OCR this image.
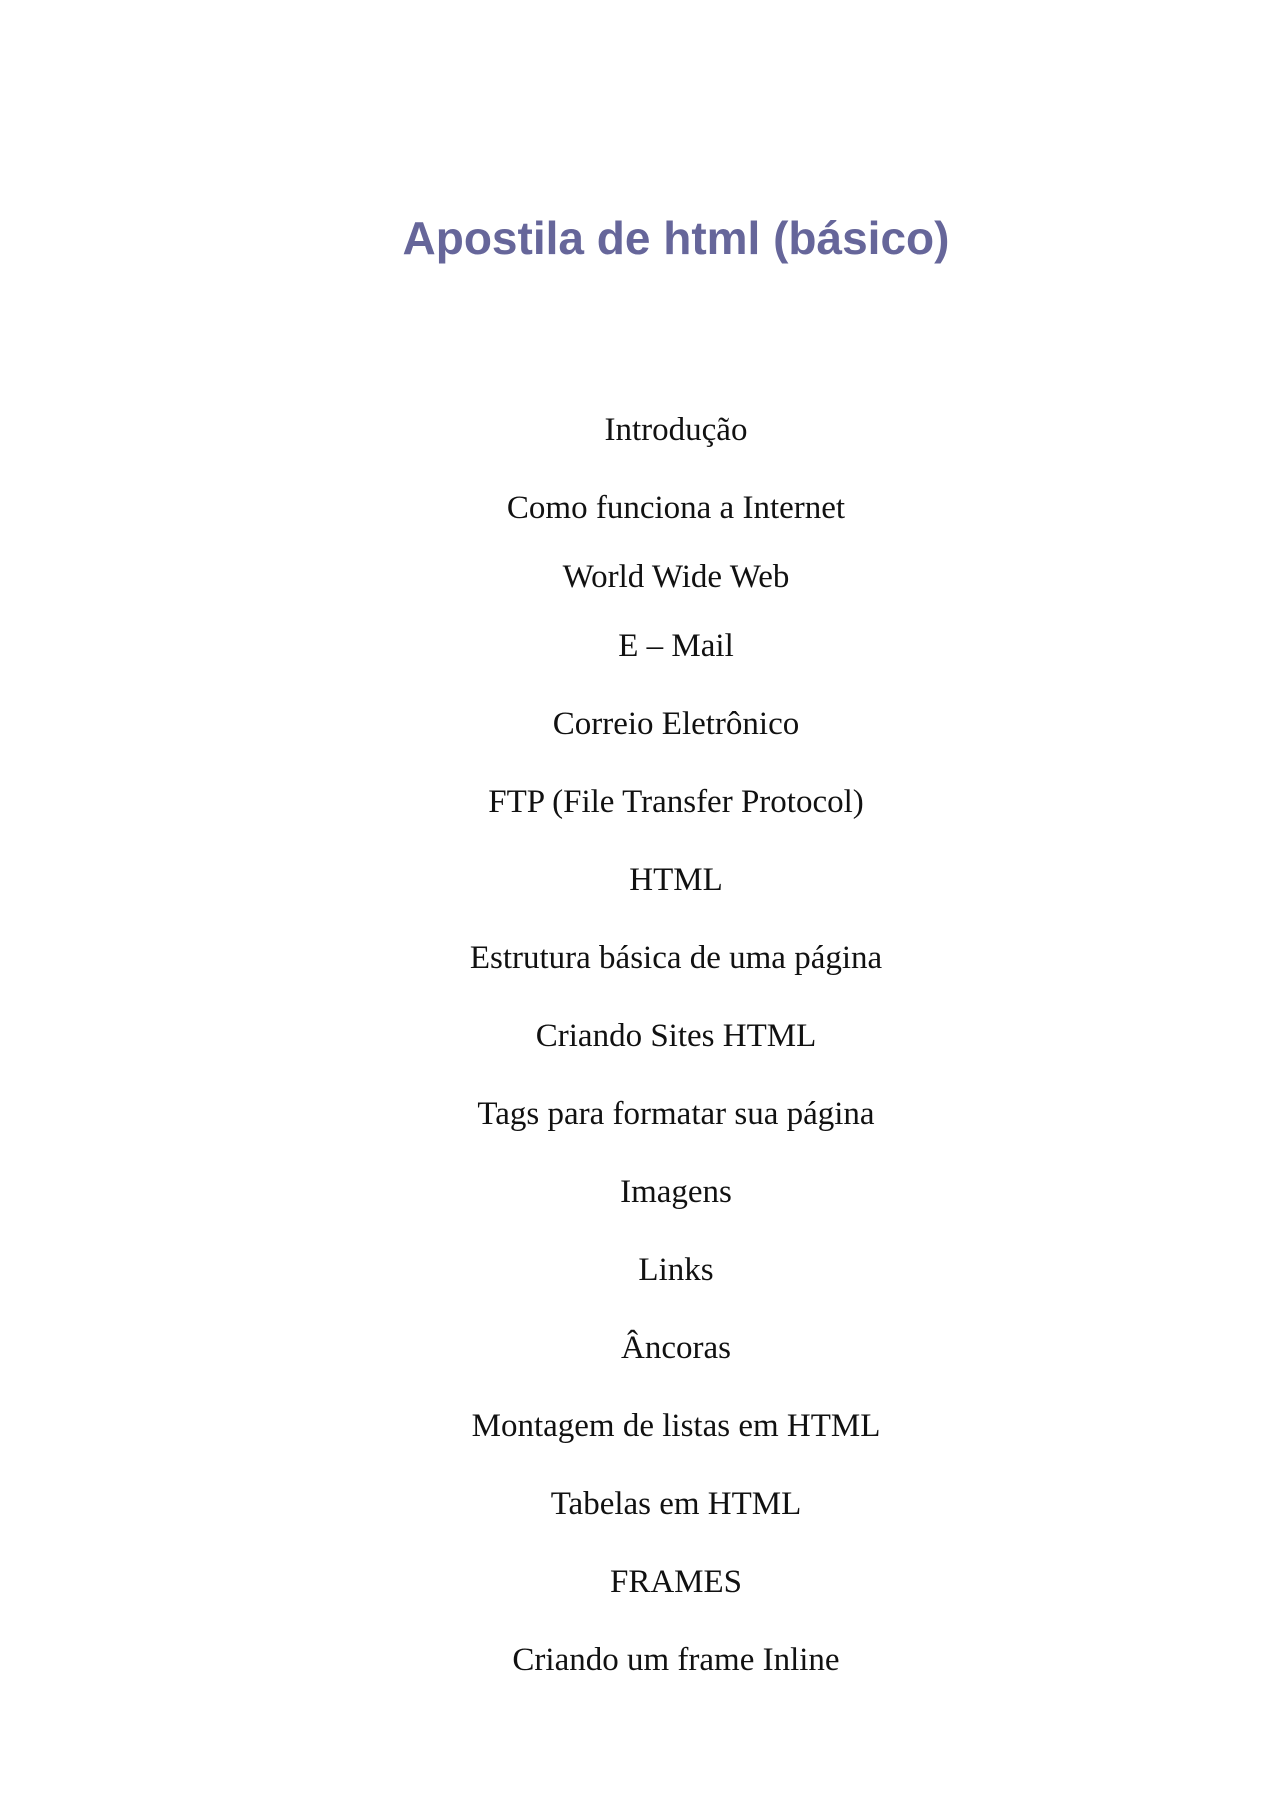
Apostila de html (básico)
Introdução
Como funciona a Internet
World Wide Web
E – Mail
Correio Eletrônico
FTP (File Transfer Protocol)
HTML
Estrutura básica de uma página
Criando Sites HTML
Tags para formatar sua página
Imagens
Links
Âncoras
Montagem de listas em HTML
Tabelas em HTML
FRAMES
Criando um frame Inline
